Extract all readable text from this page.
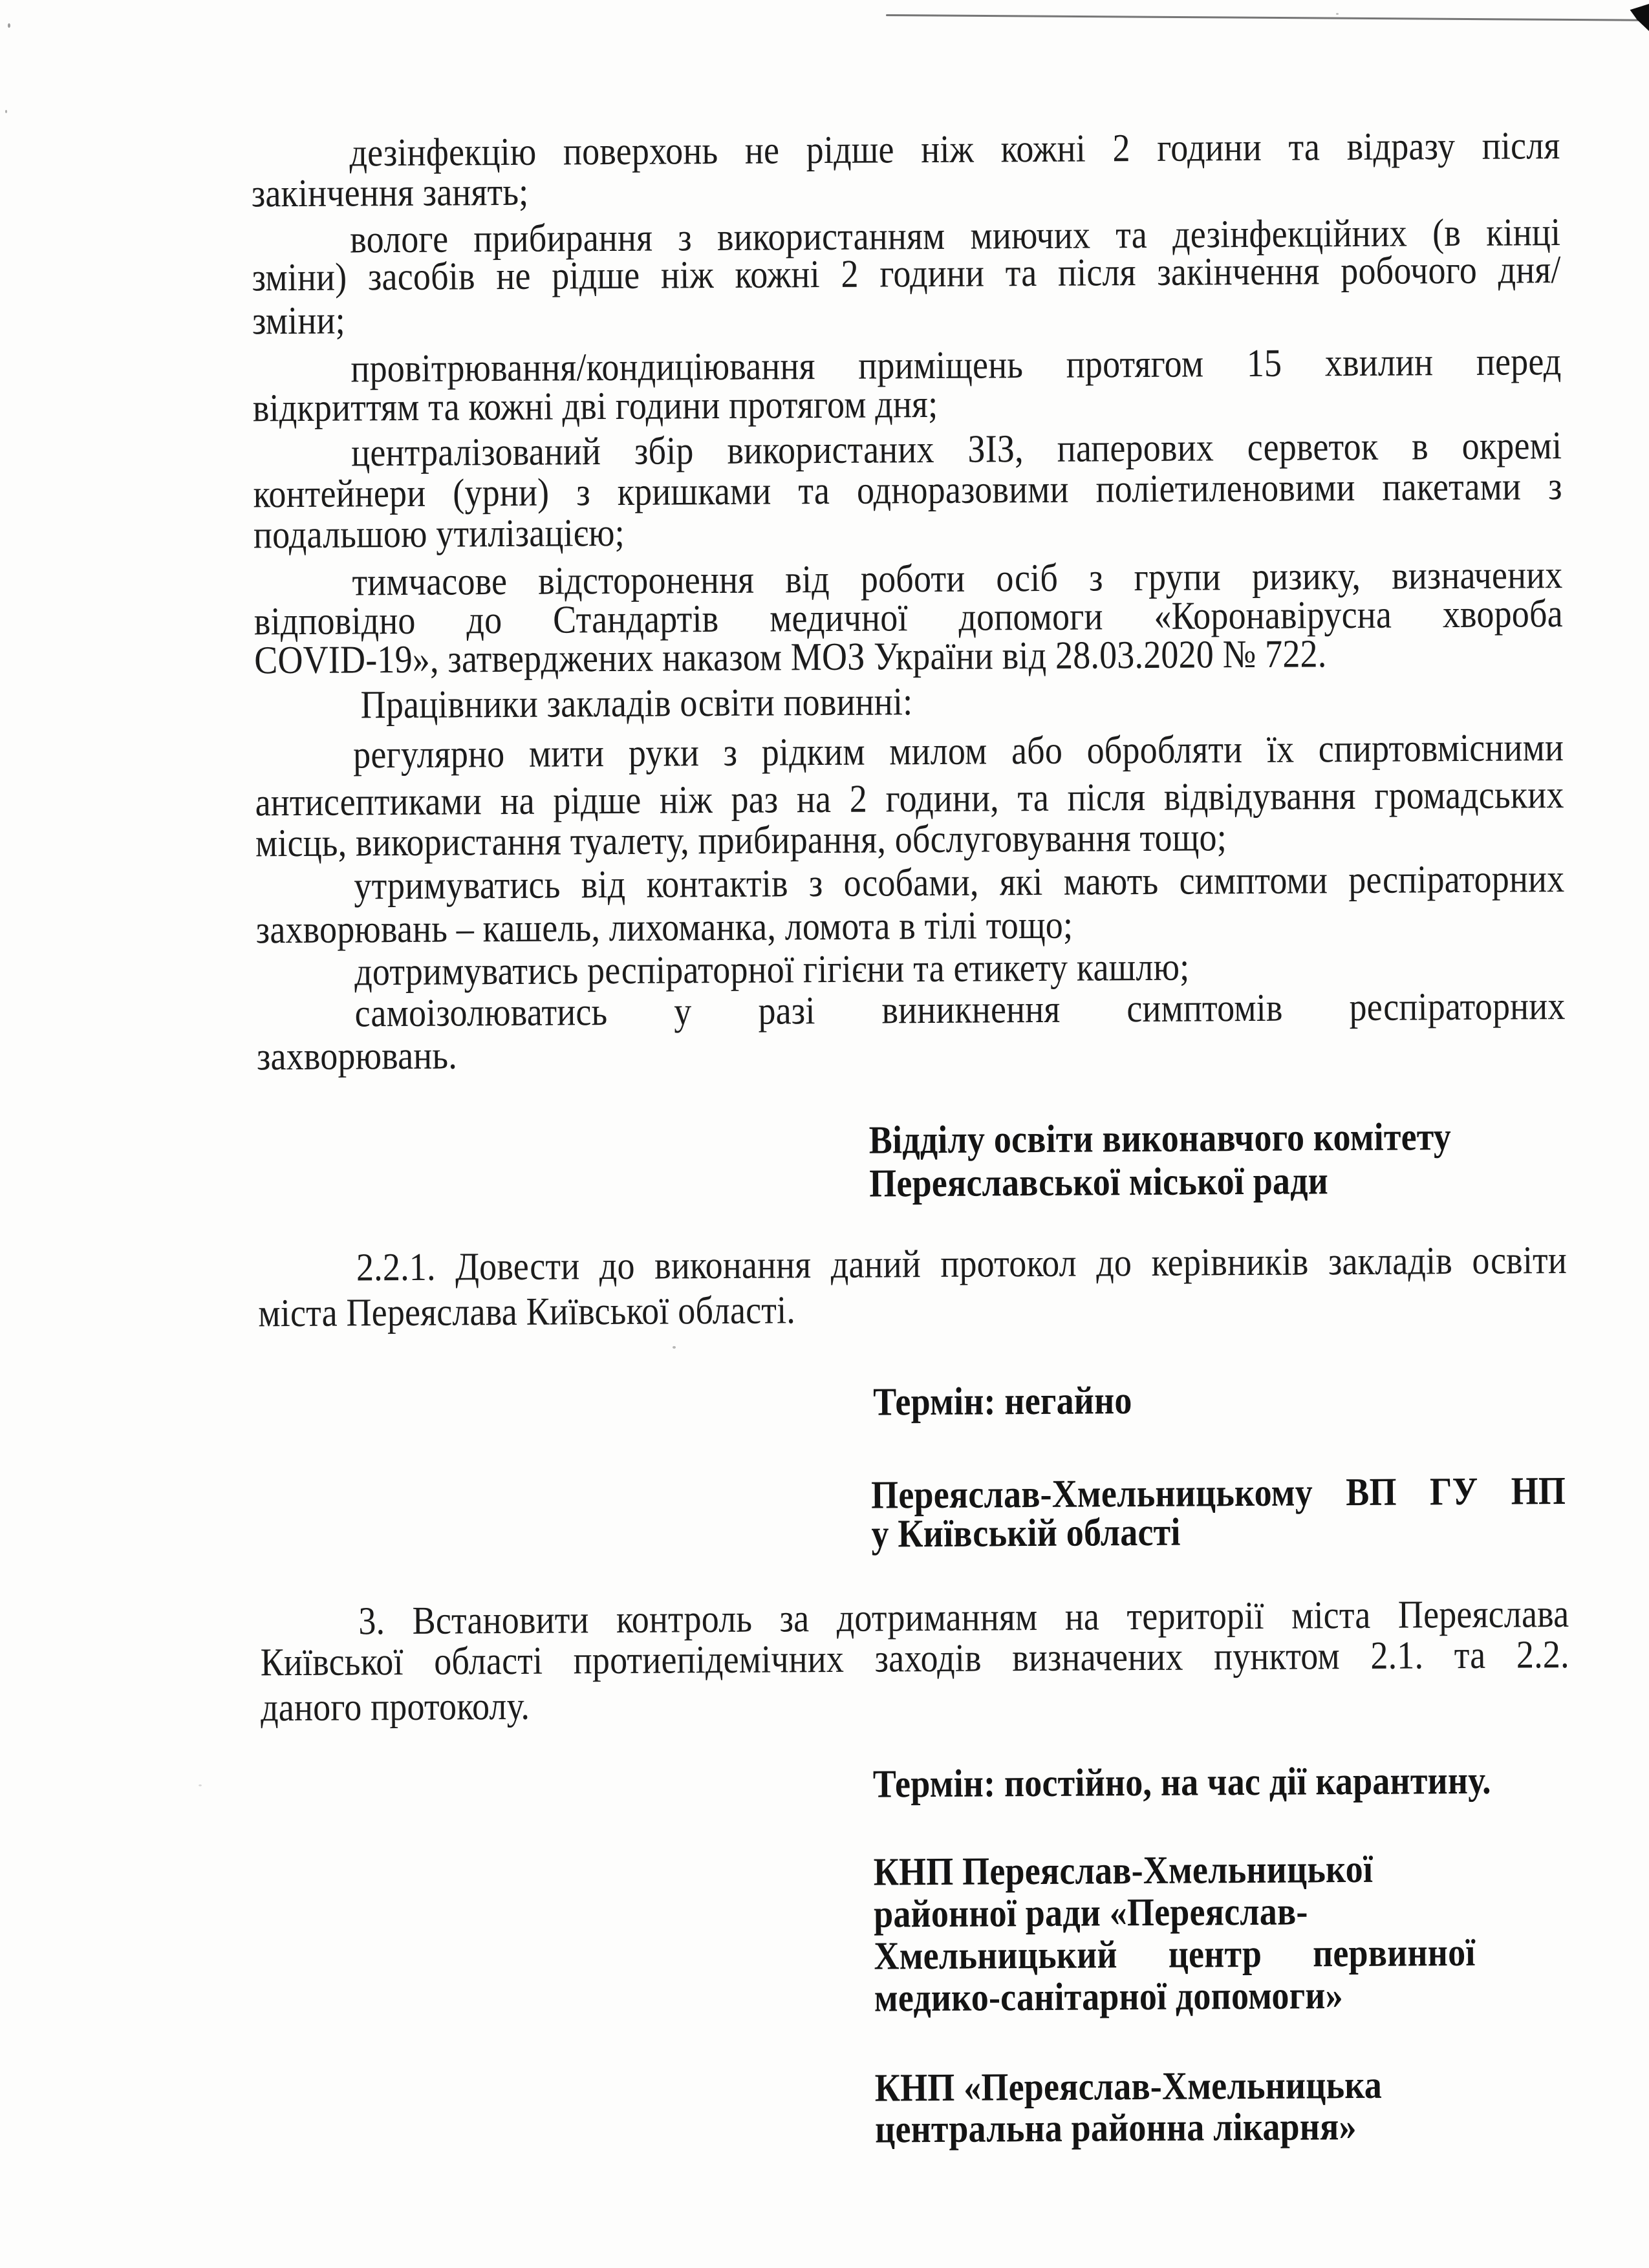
дезінфекцію поверхонь не рідше ніж кожні 2 години та відразу після
закінчення занять;
вологе прибирання з використанням миючих та дезінфекційних (в кінці
зміни) засобів не рідше ніж кожні 2 години та після закінчення робочого дня/
зміни;
провітрювання/кондиціювання приміщень протягом 15 хвилин перед
відкриттям та кожні дві години протягом дня;
централізований збір використаних ЗІЗ, паперових серветок в окремі
контейнери (урни) з кришками та одноразовими поліетиленовими пакетами з
подальшою утилізацією;
тимчасове відсторонення від роботи осіб з групи ризику, визначених
відповідно до Стандартів медичної допомоги «Коронавірусна хвороба
COVID-19», затверджених наказом МОЗ України від 28.03.2020 № 722.
Працівники закладів освіти повинні:
регулярно мити руки з рідким милом або обробляти їх спиртовмісними
антисептиками на рідше ніж раз на 2 години, та після відвідування громадських
місць, використання туалету, прибирання, обслуговування тощо;
утримуватись від контактів з особами, які мають симптоми респіраторних
захворювань – кашель, лихоманка, ломота в тілі тощо;
дотримуватись респіраторної гігієни та етикету кашлю;
самоізолюватись у разі виникнення симптомів респіраторних
захворювань.
Відділу освіти виконавчого комітету
Переяславської міської ради
2.2.1. Довести до виконання даний протокол до керівників закладів освіти
міста Переяслава Київської області.
Термін: негайно
Переяслав-Хмельницькому ВП ГУ НП
у Київській області
3. Встановити контроль за дотриманням на території міста Переяслава
Київської області протиепідемічних заходів визначених пунктом 2.1. та 2.2.
даного протоколу.
Термін: постійно, на час дії карантину.
КНП Переяслав-Хмельницької
районної ради «Переяслав-
Хмельницький центр первинної
медико-санітарної допомоги»
КНП «Переяслав-Хмельницька
центральна районна лікарня»
